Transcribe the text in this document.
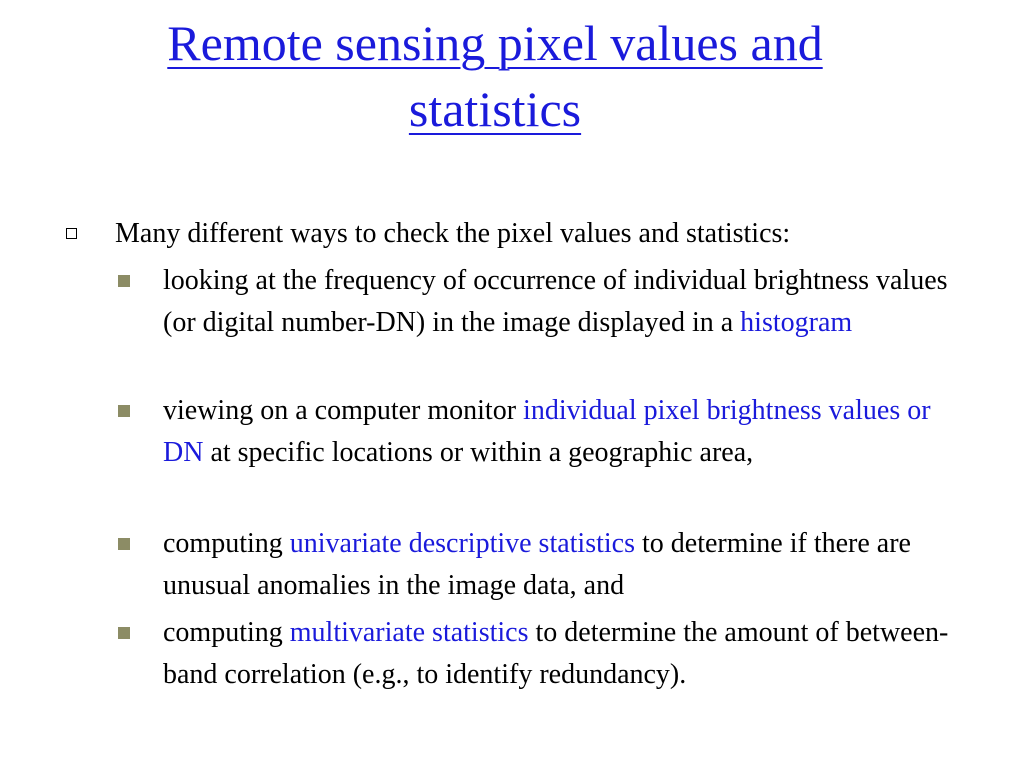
Remote sensing pixel values and
statistics
Many different ways to check the pixel values and statistics:
looking at the frequency of occurrence of individual brightness values (or digital number-DN) in the image displayed in a histogram
viewing on a computer monitor individual pixel brightness values or DN at specific locations or within a geographic area,
computing univariate descriptive statistics to determine if there are unusual anomalies in the image data, and
computing multivariate statistics to determine the amount of between-band correlation (e.g., to identify redundancy).
